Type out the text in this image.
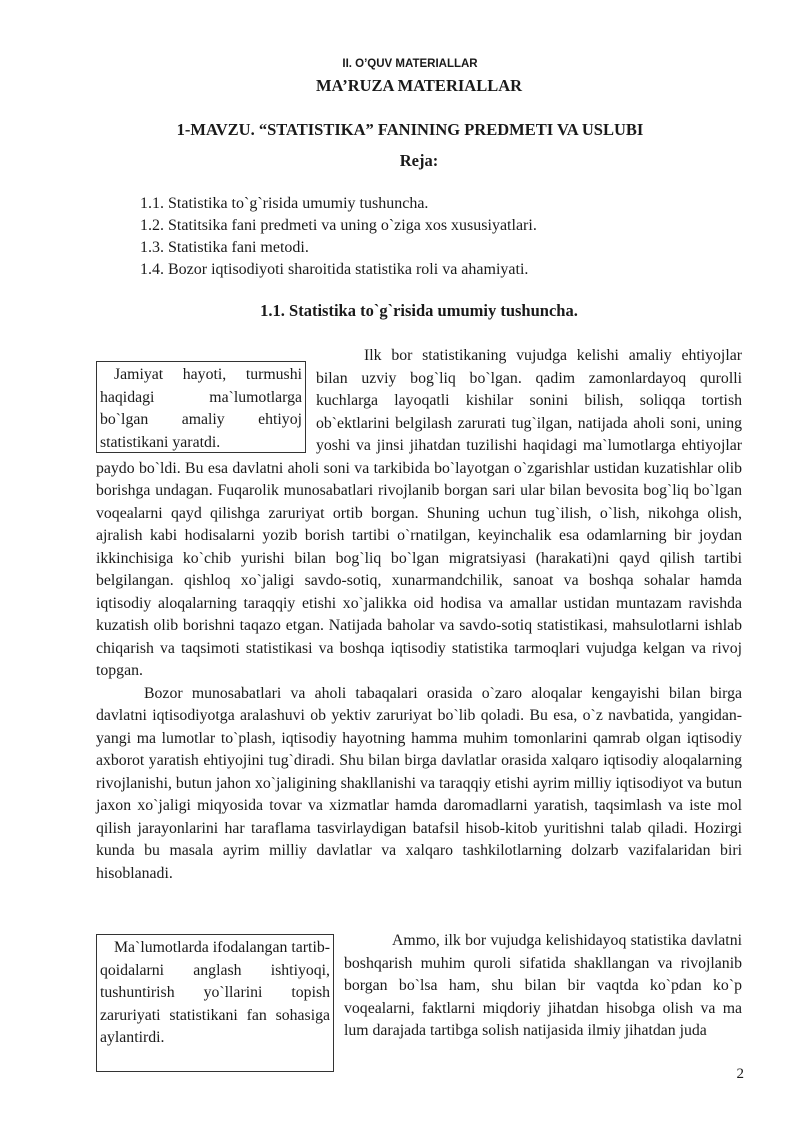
II. O’QUV MATERIALLAR
MA’RUZA MATERIALLAR
1-MAVZU. “STATISTIKA” FANINING PREDMETI VA USLUBI
Reja:
1.1. Statistika to`g`risida umumiy tushuncha.
1.2. Statitsika fani predmeti va uning o`ziga xos xususiyatlari.
1.3. Statistika fani metodi.
1.4. Bozor iqtisodiyoti sharoitida statistika roli va ahamiyati.
1.1. Statistika to`g`risida umumiy tushuncha.

Jamiyat hayoti, turmushi haqidagi ma`lumotlarga bo`lgan amaliy ehtiyoj statistikani yaratdi.

Ilk bor statistikaning vujudga kelishi amaliy ehtiyojlar bilan uzviy bog`liq bo`lgan. qadim zamonlardayoq qurolli kuchlarga layoqatli kishilar sonini bilish, soliqqa tortish ob`ektlarini belgilash zarurati tug`ilgan, natijada aholi soni, uning yoshi va jinsi jihatdan tuzilishi haqidagi ma`lumotlarga ehtiyojlar paydo bo`ldi. Bu esa davlatni aholi soni va tarkibida bo`layotgan o`zgarishlar ustidan kuzatishlar olib borishga undagan. Fuqarolik munosabatlari rivojlanib borgan sari ular bilan bevosita bog`liq bo`lgan voqealarni qayd qilishga zaruriyat ortib borgan. Shuning uchun tug`ilish, o`lish, nikohga olish, ajralish kabi hodisalarni yozib borish tartibi o`rnatilgan, keyinchalik esa odamlarning bir joydan ikkinchisiga ko`chib yurishi bilan bog`liq bo`lgan migratsiyasi (harakati)ni qayd qilish tartibi belgilangan. qishloq xo`jaligi savdo-sotiq, xunarmandchilik, sanoat va boshqa sohalar hamda iqtisodiy aloqalarning taraqqiy etishi xo`jalikka oid hodisa va amallar ustidan muntazam ravishda kuzatish olib borishni taqazo etgan. Natijada baholar va savdo-sotiq statistikasi, mahsulotlarni ishlab chiqarish va taqsimoti statistikasi va boshqa iqtisodiy statistika tarmoqlari vujudga kelgan va rivoj topgan.

Bozor munosabatlari va aholi tabaqalari orasida o`zaro aloqalar kengayishi bilan birga davlatni iqtisodiyotga aralashuvi ob yektiv zaruriyat bo`lib qoladi. Bu esa, o`z navbatida, yangidan-yangi ma lumotlar to`plash, iqtisodiy hayotning hamma muhim tomonlarini qamrab olgan iqtisodiy axborot yaratish ehtiyojini tug`diradi. Shu bilan birga davlatlar orasida xalqaro iqtisodiy aloqalarning rivojlanishi, butun jahon xo`jaligining shakllanishi va taraqqiy etishi ayrim milliy iqtisodiyot va butun jaxon xo`jaligi miqyosida tovar va xizmatlar hamda daromadlarni yaratish, taqsimlash va iste mol qilish jarayonlarini har taraflama tasvirlaydigan batafsil hisob-kitob yuritishni talab qiladi. Hozirgi kunda bu masala ayrim milliy davlatlar va xalqaro tashkilotlarning dolzarb vazifalaridan biri hisoblanadi.

Ma`lumotlarda ifodalangan tartib-qoidalarni anglash ishtiyoqi, tushuntirish yo`llarini topish zaruriyati statistikani fan sohasiga aylantirdi.

Ammo, ilk bor vujudga kelishidayoq statistika davlatni boshqarish muhim quroli sifatida shakllangan va rivojlanib borgan bo`lsa ham, shu bilan bir vaqtda ko`pdan ko`p voqealarni, faktlarni miqdoriy jihatdan hisobga olish va ma lum darajada tartibga solish natijasida ilmiy jihatdan juda

2
